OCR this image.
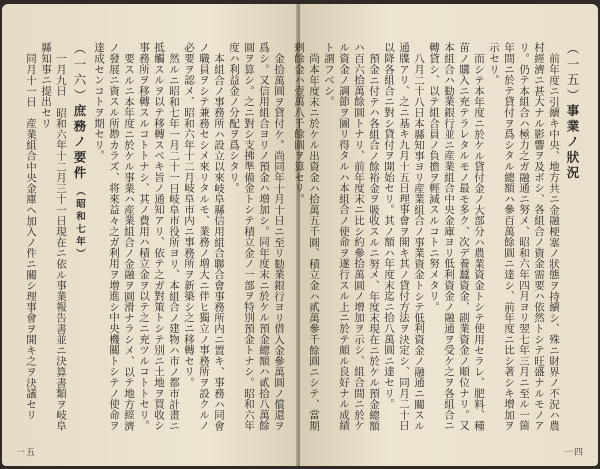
金拾萬圓ヲ貸付ケ。尚同年十月十日ニ至リ勧業銀行ヨリ借入金參萬圓ノ償還ヲ爲シ。又信用組合ヨリノ預金ハ増加シ。同年度末ニ於ケル預金總額ハ貳拾八萬餘圓ヲ算シ。之ニ對シ支拂準備金トシテ積立金ノ一部ヲ特別預金トナシ。昭和六年度ハ利益金ノ分配ヲ爲シタリ。

本組合ノ事務所ハ設立以來岐阜縣信用組合聯合會事務所内ニ置キ、事務ハ同會ノ職員ヲシテ兼務セシメ來リタルモ、業務ノ増大ニ伴ヒ獨立ノ事務所ヲ設クルノ必要ヲ認メ、昭和六年十二月岐阜市内ニ事務所ヲ新築シ之ニ移轉セリ。

然ルニ昭和七年一月二十一日岐阜市役所ヨリ、本組合ノ建物ハ市ノ都市計畫ニ抵觸スルヲ以テ移轉スベキ旨ノ通知アリ、依テ之ガ對策トシテ別ニ土地ヲ買收シ事務所ヲ移轉スルコトトナシ、其ノ費用ハ積立金ヲ以テ之ニ充ツルコトトセリ。

要スルニ本年度ニ於ケル事業ハ産業組合ノ金融ヲ圓滑ナラシメ、以テ地方經濟ノ發展ニ資スル所尠カラズ、将來益々之ガ利用ヲ增進シ中央機關トシテノ使命ヲ達成センコトヲ期セリ。

（一六）庶務ノ要件（昭和七年）

一月九日　昭和六年十二月三十一日現在ニ依ル事業報告書並ニ決算書類ヲ岐阜縣知事ニ提出セリ

同月十一日　産業組合中央金庫ヘ加入ノ件ニ關シ理事會ヲ開キ之ヲ決議セリ

一五
（一五）事業ノ狀況

前年度ニ引續キ中央、地方共ニ金融梗塞ノ狀態ヲ持續シ、殊ニ財界ノ不況ハ農村經濟ニ甚大ナル影響ヲ及ボシ、各組合ノ資金需要ハ依然トシテ旺盛ナルモノアリ。仍テ本組合ハ極力之ガ融通ニ努メ、昭和六年四月ヨリ翌七年三月ニ至ル一箇年間ニ於テ貸付ヲ爲シタル總額ハ參百萬餘圓ニ達シ、前年度ニ比シ著シキ增加ヲ示セリ。

而シテ本年度ニ於ケル貸付金ノ大部分ハ農業資金トシテ使用セラレ、肥料、種苗ノ購入ニ充テラレタルモノ最モ多ク、次デ養蠶資金、副業資金ノ順位ナリ。又本組合ハ勧業銀行並ニ産業組合中央金庫ヨリ低利資金ノ融通ヲ受ケ之ヲ各組合ニ轉貸シ、以テ組合員ノ負擔ヲ輕減スルコトニ努メタリ。

八月二十八日本縣知事ヨリ産業組合ノ事業資金トシテ低利資金ノ融通ニ關スル通牒アリ、之ニ基キ九月十五日理事會ヲ開キ其ノ貸付方法ヲ決定シ、同月二十日以降各組合ニ對シ貸付ヲ開始セリ。其ノ額ハ年度末迄ニ拾八萬圓ニ達セリ。

預金ニ付テハ各組合ノ餘裕金ヲ吸收スルニ努メ、年度末現在ニ於ケル預金總額ハ百六拾萬餘圓トナリ、前年度末ニ比シ約參拾萬圓ノ增加ヲ示シ、組合間ニ於ケル資金ノ調節ヲ圖リ得タルハ本組合ノ使命ヲ遂行スル上ニ於テ頗ル良好ナル成績ト謂フベシ。

尚本年度末ニ於ケル出資金ハ拾萬五千圓、積立金ハ貳萬參千餘圓ニシテ、當期剩餘金ハ壹萬八千餘圓ヲ算セリ。

一四
